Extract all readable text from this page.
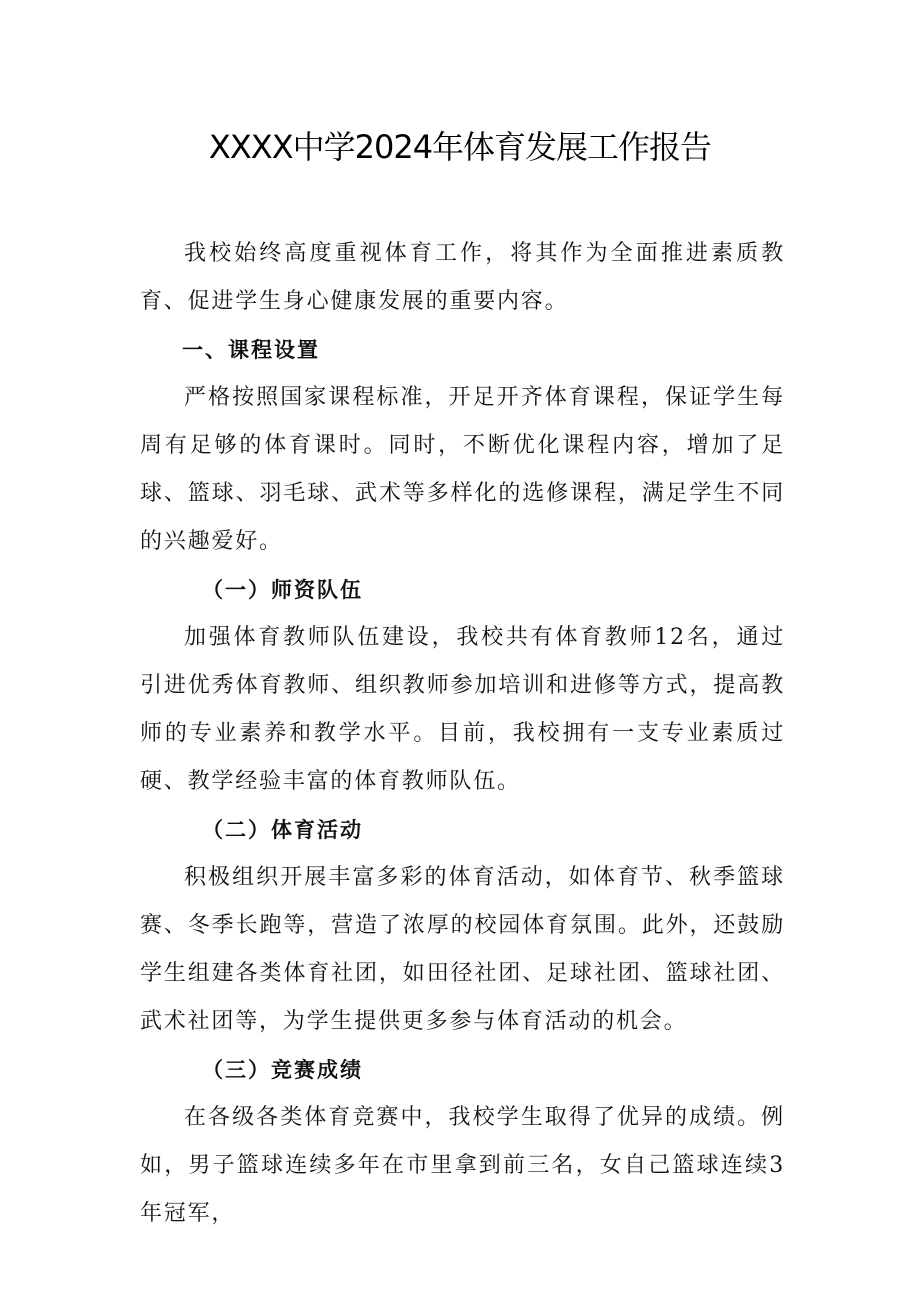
XXXX中学2024年体育发展工作报告

我校始终高度重视体育工作，将其作为全面推进素质教育、促进学生身心健康发展的重要内容。

一、课程设置

严格按照国家课程标准，开足开齐体育课程，保证学生每周有足够的体育课时。同时，不断优化课程内容，增加了足球、篮球、羽毛球、武术等多样化的选修课程，满足学生不同的兴趣爱好。

（一）师资队伍

加强体育教师队伍建设，我校共有体育教师12名，通过引进优秀体育教师、组织教师参加培训和进修等方式，提高教师的专业素养和教学水平。目前，我校拥有一支专业素质过硬、教学经验丰富的体育教师队伍。

（二）体育活动

积极组织开展丰富多彩的体育活动，如体育节、秋季篮球赛、冬季长跑等，营造了浓厚的校园体育氛围。此外，还鼓励学生组建各类体育社团，如田径社团、足球社团、篮球社团、武术社团等，为学生提供更多参与体育活动的机会。

（三）竞赛成绩

在各级各类体育竞赛中，我校学生取得了优异的成绩。例如，男子篮球连续多年在市里拿到前三名，女自己篮球连续3年冠军，
